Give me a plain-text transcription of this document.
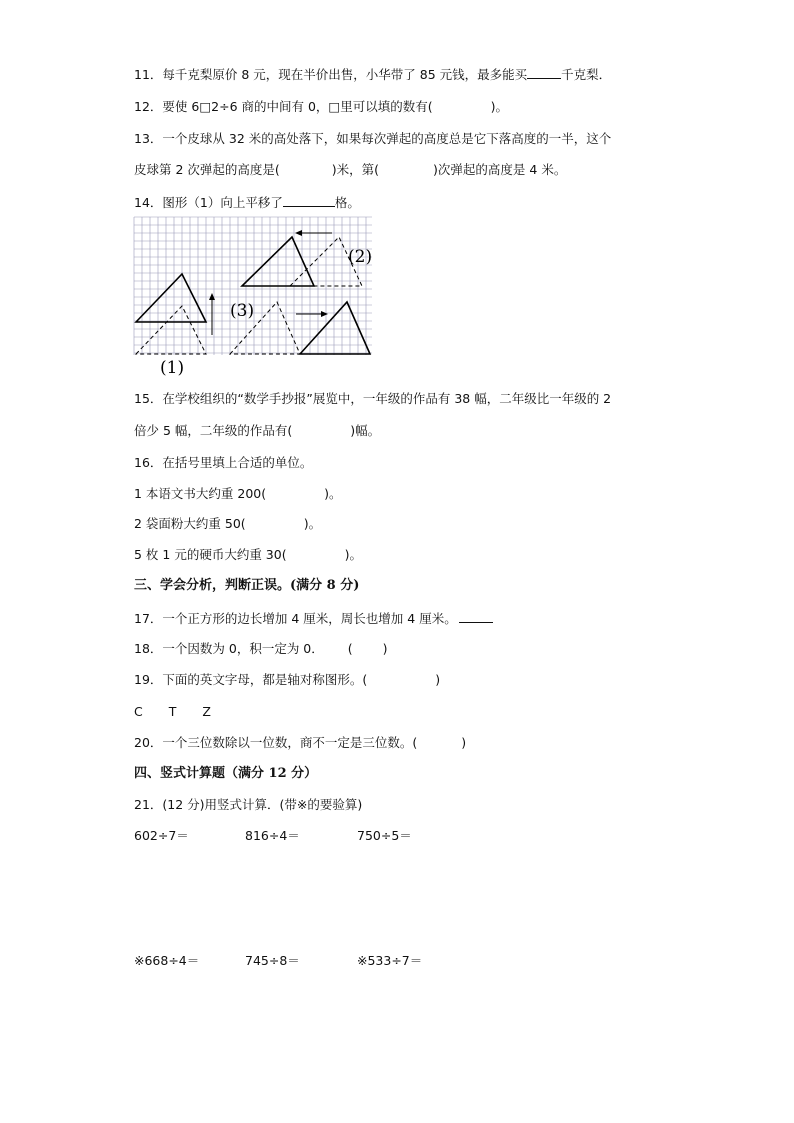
11．每千克梨原价 8 元，现在半价出售，小华带了 85 元钱，最多能买	千克梨．
12．要使 6□2÷6 商的中间有 0，□里可以填的数有(	)。
13．一个皮球从 32 米的高处落下，如果每次弹起的高度总是它下落高度的一半，这个
皮球第 2 次弹起的高度是(	)米，第(	)次弹起的高度是 4 米。
14．图形（1）向上平移了	格。
(1)
(2)
(3)
15．在学校组织的“数学手抄报”展览中，一年级的作品有 38 幅，二年级比一年级的 2
倍少 5 幅，二年级的作品有(	)幅。
16．在括号里填上合适的单位。
1 本语文书大约重 200(	)。
2 袋面粉大约重 50(	)。
5 枚 1 元的硬币大约重 30(	)。
三、学会分析，判断正误。(满分 8 分)
17．一个正方形的边长增加 4 厘米，周长也增加 4 厘米。
18．一个因数为 0，积一定为 0． ( )
19．下面的英文字母，都是轴对称图形。(	)
C T Z
20．一个三位数除以一位数，商不一定是三位数。(	)
四、竖式计算题（满分 12 分）
21．(12 分)用竖式计算．(带※的要验算)
602÷7＝	816÷4＝	750÷5＝
※668÷4＝	745÷8＝	※533÷7＝
